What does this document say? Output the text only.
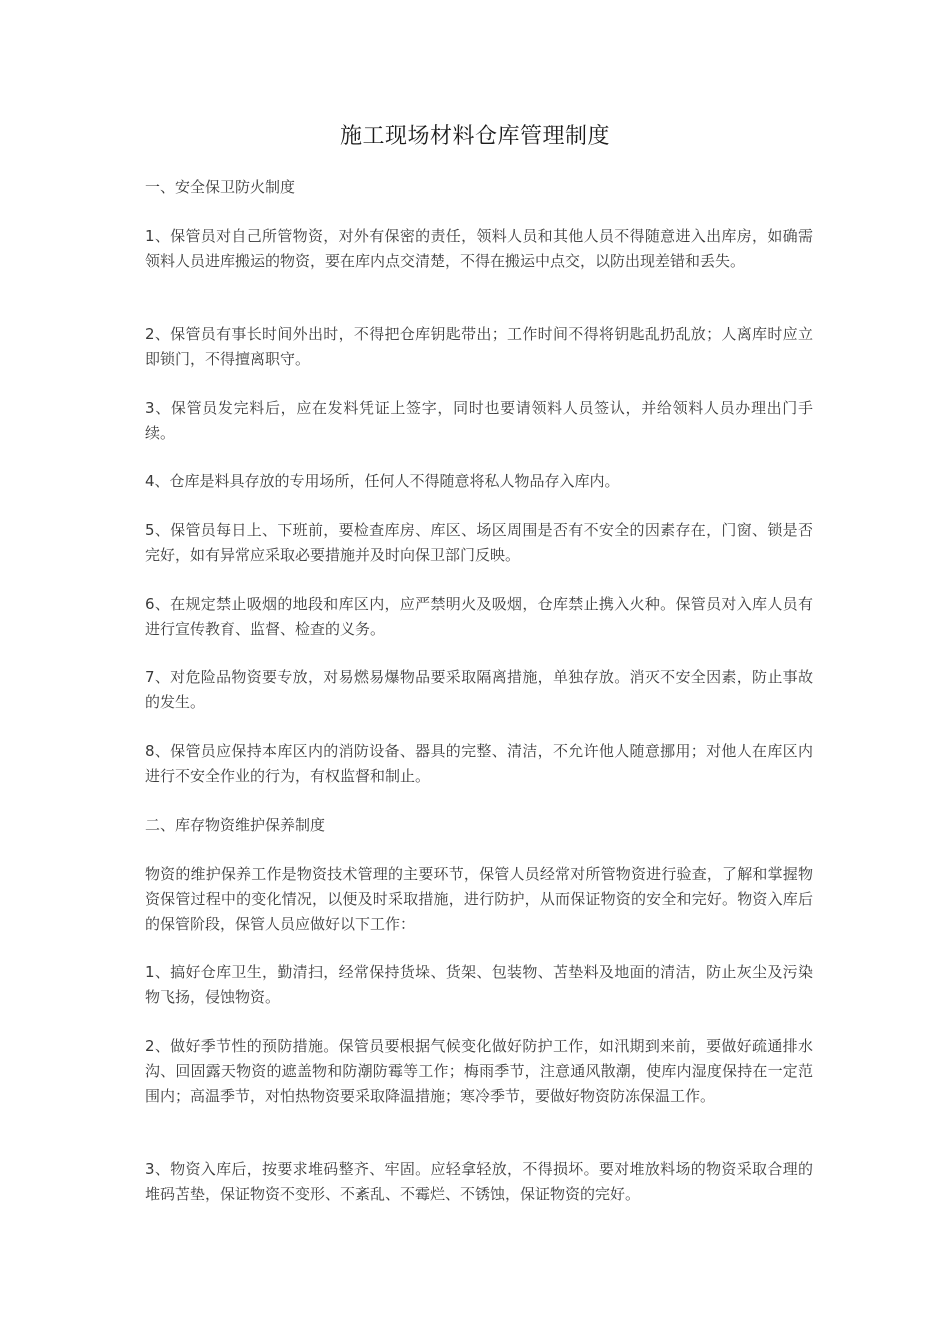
施工现场材料仓库管理制度
一、安全保卫防火制度

1、保管员对自己所管物资，对外有保密的责任，领料人员和其他人员不得随意进入出库房，如确需领料人员进库搬运的物资，要在库内点交清楚，不得在搬运中点交，以防出现差错和丢失。

2、保管员有事长时间外出时，不得把仓库钥匙带出；工作时间不得将钥匙乱扔乱放；人离库时应立即锁门，不得擅离职守。

3、保管员发完料后，应在发料凭证上签字，同时也要请领料人员签认，并给领料人员办理出门手续。

4、仓库是料具存放的专用场所，任何人不得随意将私人物品存入库内。

5、保管员每日上、下班前，要检查库房、库区、场区周围是否有不安全的因素存在，门窗、锁是否完好，如有异常应采取必要措施并及时向保卫部门反映。

6、在规定禁止吸烟的地段和库区内，应严禁明火及吸烟，仓库禁止携入火种。保管员对入库人员有进行宣传教育、监督、检查的义务。

7、对危险品物资要专放，对易燃易爆物品要采取隔离措施，单独存放。消灭不安全因素，防止事故的发生。

8、保管员应保持本库区内的消防设备、器具的完整、清洁，不允许他人随意挪用；对他人在库区内进行不安全作业的行为，有权监督和制止。

二、库存物资维护保养制度

物资的维护保养工作是物资技术管理的主要环节，保管人员经常对所管物资进行验查，了解和掌握物资保管过程中的变化情况，以便及时采取措施，进行防护，从而保证物资的安全和完好。物资入库后的保管阶段，保管人员应做好以下工作：

1、搞好仓库卫生，勤清扫，经常保持货垛、货架、包装物、苫垫料及地面的清洁，防止灰尘及污染物飞扬，侵蚀物资。

2、做好季节性的预防措施。保管员要根据气候变化做好防护工作，如汛期到来前，要做好疏通排水沟、回固露天物资的遮盖物和防潮防霉等工作；梅雨季节，注意通风散潮，使库内湿度保持在一定范围内；高温季节，对怕热物资要采取降温措施；寒冷季节，要做好物资防冻保温工作。

3、物资入库后，按要求堆码整齐、牢固。应轻拿轻放，不得损坏。要对堆放料场的物资采取合理的堆码苫垫，保证物资不变形、不紊乱、不霉烂、不锈蚀，保证物资的完好。
